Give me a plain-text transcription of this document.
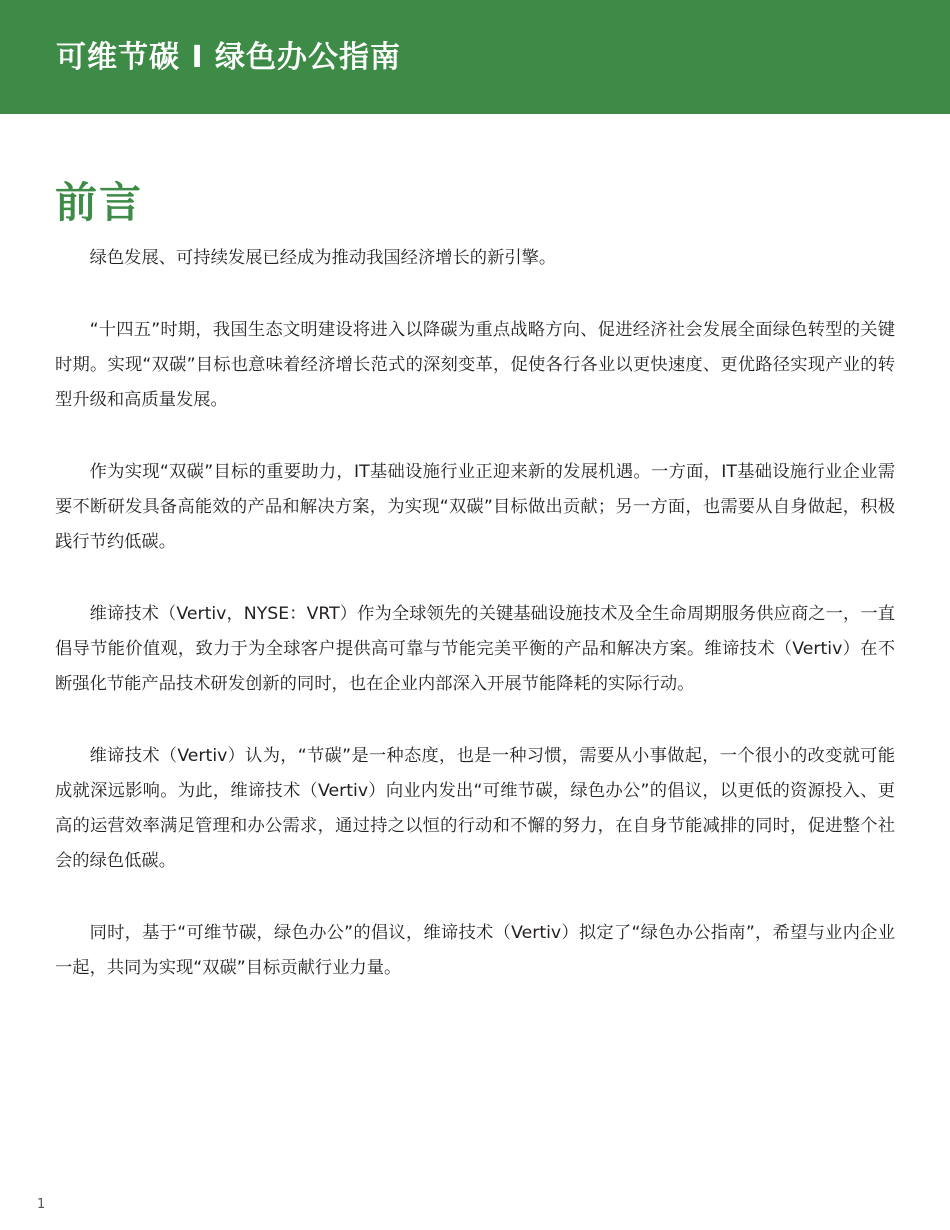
可维节碳 I 绿色办公指南
前言

绿色发展、可持续发展已经成为推动我国经济增长的新引擎。

“十四五”时期，我国生态文明建设将进入以降碳为重点战略方向、促进经济社会发展全面绿色转型的关键时期。实现“双碳”目标也意味着经济增长范式的深刻变革，促使各行各业以更快速度、更优路径实现产业的转型升级和高质量发展。

作为实现“双碳”目标的重要助力，IT基础设施行业正迎来新的发展机遇。一方面，IT基础设施行业企业需要不断研发具备高能效的产品和解决方案，为实现“双碳”目标做出贡献；另一方面，也需要从自身做起，积极践行节约低碳。

维谛技术（Vertiv，NYSE：VRT）作为全球领先的关键基础设施技术及全生命周期服务供应商之一，一直倡导节能价值观，致力于为全球客户提供高可靠与节能完美平衡的产品和解决方案。维谛技术（Vertiv）在不断强化节能产品技术研发创新的同时，也在企业内部深入开展节能降耗的实际行动。

维谛技术（Vertiv）认为，“节碳”是一种态度，也是一种习惯，需要从小事做起，一个很小的改变就可能成就深远影响。为此，维谛技术（Vertiv）向业内发出“可维节碳，绿色办公”的倡议，以更低的资源投入、更高的运营效率满足管理和办公需求，通过持之以恒的行动和不懈的努力，在自身节能减排的同时，促进整个社会的绿色低碳。

同时，基于“可维节碳，绿色办公”的倡议，维谛技术（Vertiv）拟定了“绿色办公指南”，希望与业内企业一起，共同为实现“双碳”目标贡献行业力量。

1
